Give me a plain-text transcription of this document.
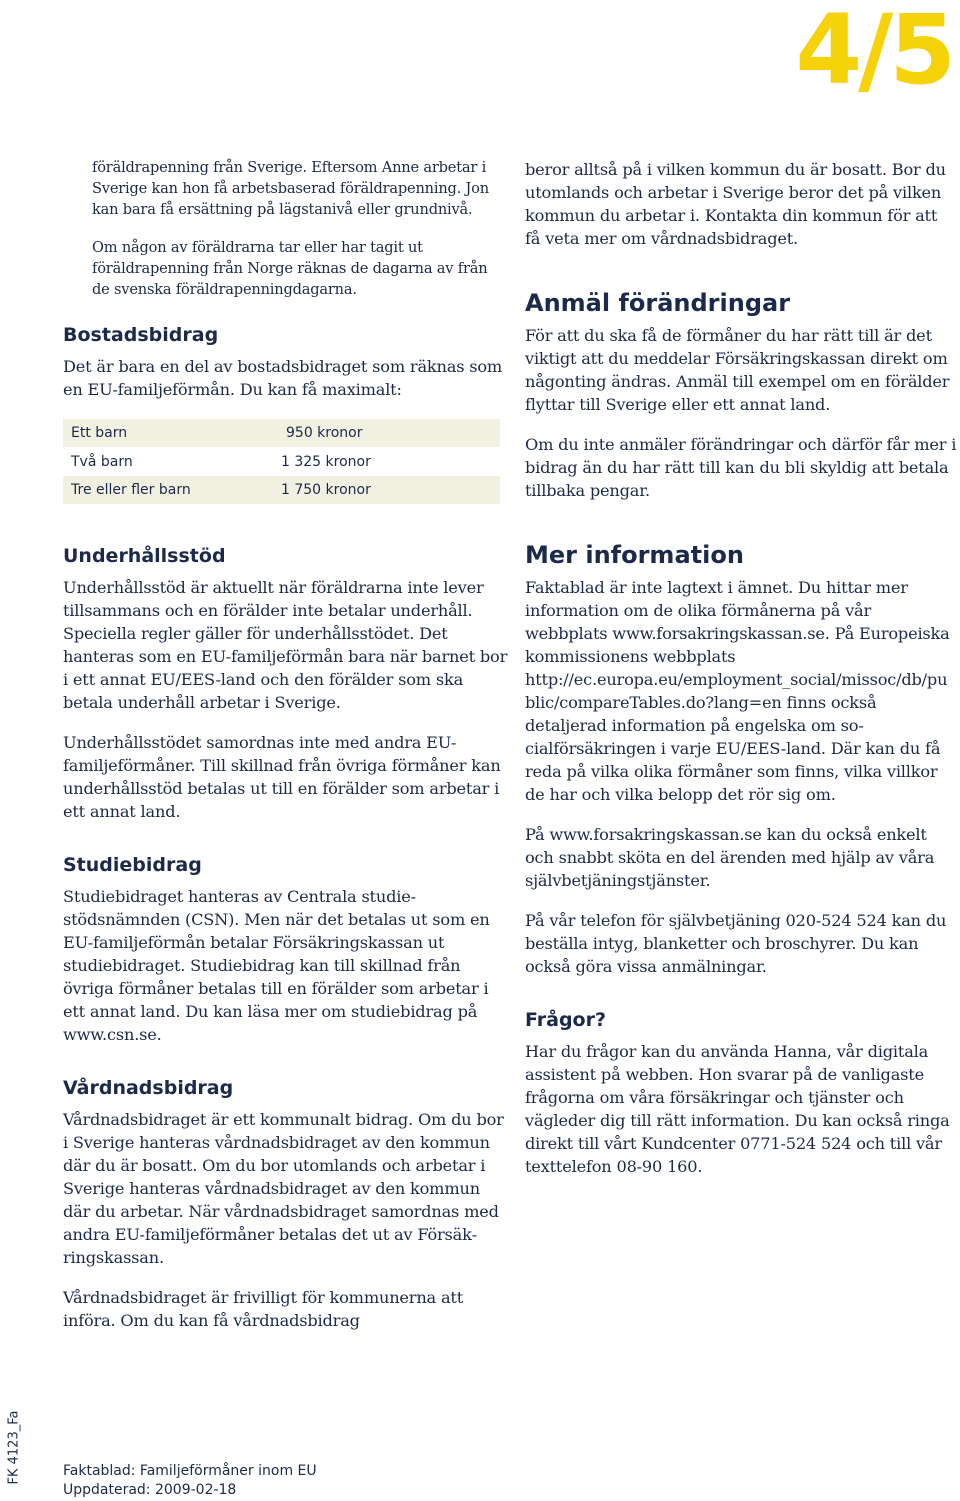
4/5

föräldrapenning från Sverige. Eftersom Anne arbetar i Sverige kan hon få arbetsbaserad föräldrapenning. Jon kan bara få ersättning på lägstanivå eller grundnivå.

Om någon av föräldrarna tar eller har tagit ut föräldrapenning från Norge räknas de dagarna av från de svenska föräldrapenningdagarna.

Bostadsbidrag

Det är bara en del av bostadsbidraget som räknas som en EU-familjeförmån. Du kan få maximalt:

Ett barn	950 kronor
Två barn	1 325 kronor
Tre eller fler barn	1 750 kronor
Underhållsstöd

Underhållsstöd är aktuellt när föräldrarna inte lever tillsammans och en förälder inte betalar underhåll. Speciella regler gäller för underhållsstödet. Det hanteras som en EU-familjeförmån bara när barnet bor i ett annat EU/EES-land och den förälder som ska betala underhåll arbetar i Sverige.

Underhållsstödet samordnas inte med andra EU-familjeförmåner. Till skillnad från övriga förmåner kan underhållsstöd betalas ut till en förälder som arbetar i ett annat land.

Studiebidrag

Studiebidraget hanteras av Centrala studiestödsnämnden (CSN). Men när det betalas ut som en EU-familjeförmån betalar Försäkringskassan ut studiebidraget. Studiebidrag kan till skillnad från övriga förmåner betalas till en förälder som arbetar i ett annat land. Du kan läsa mer om studiebidrag på www.csn.se.

Vårdnadsbidrag

Vårdnadsbidraget är ett kommunalt bidrag. Om du bor i Sverige hanteras vårdnadsbidraget av den kommun där du är bosatt. Om du bor utomlands och arbetar i Sverige hanteras vårdnadsbidraget av den kommun där du arbetar. När vårdnadsbidraget samordnas med andra EU-familjeförmåner betalas det ut av Försäkringskassan.

Vårdnadsbidraget är frivilligt för kommunerna att införa. Om du kan få vårdnadsbidrag

beror alltså på i vilken kommun du är bosatt. Bor du utomlands och arbetar i Sverige beror det på vilken kommun du arbetar i. Kontakta din kommun för att få veta mer om vårdnadsbidraget.

Anmäl förändringar

För att du ska få de förmåner du har rätt till är det viktigt att du meddelar Försäkringskassan direkt om någonting ändras. Anmäl till exempel om en förälder flyttar till Sverige eller ett annat land.

Om du inte anmäler förändringar och därför får mer i bidrag än du har rätt till kan du bli skyldig att betala tillbaka pengar.

Mer information

Faktablad är inte lagtext i ämnet. Du hittar mer information om de olika förmånerna på vår webbplats www.forsakringskassan.se. På Europeiska kommissionens webbplats http://ec.europa.eu/employment_social/missoc/db/public/compareTables.do?lang=en finns också detaljerad information på engelska om socialförsäkringen i varje EU/EES-land. Där kan du få reda på vilka olika förmåner som finns, vilka villkor de har och vilka belopp det rör sig om.

På www.forsakringskassan.se kan du också enkelt och snabbt sköta en del ärenden med hjälp av våra självbetjäningstjänster.

På vår telefon för självbetjäning 020-524 524 kan du beställa intyg, blanketter och broschyrer. Du kan också göra vissa anmälningar.

Frågor?

Har du frågor kan du använda Hanna, vår digitala assistent på webben. Hon svarar på de vanligaste frågorna om våra försäkringar och tjänster och vägleder dig till rätt information. Du kan också ringa direkt till vårt Kundcenter 0771-524 524 och till vår texttelefon 08-90 160.

Faktablad: Familjeförmåner inom EU
Uppdaterad: 2009-02-18
FK 4123_Fa
